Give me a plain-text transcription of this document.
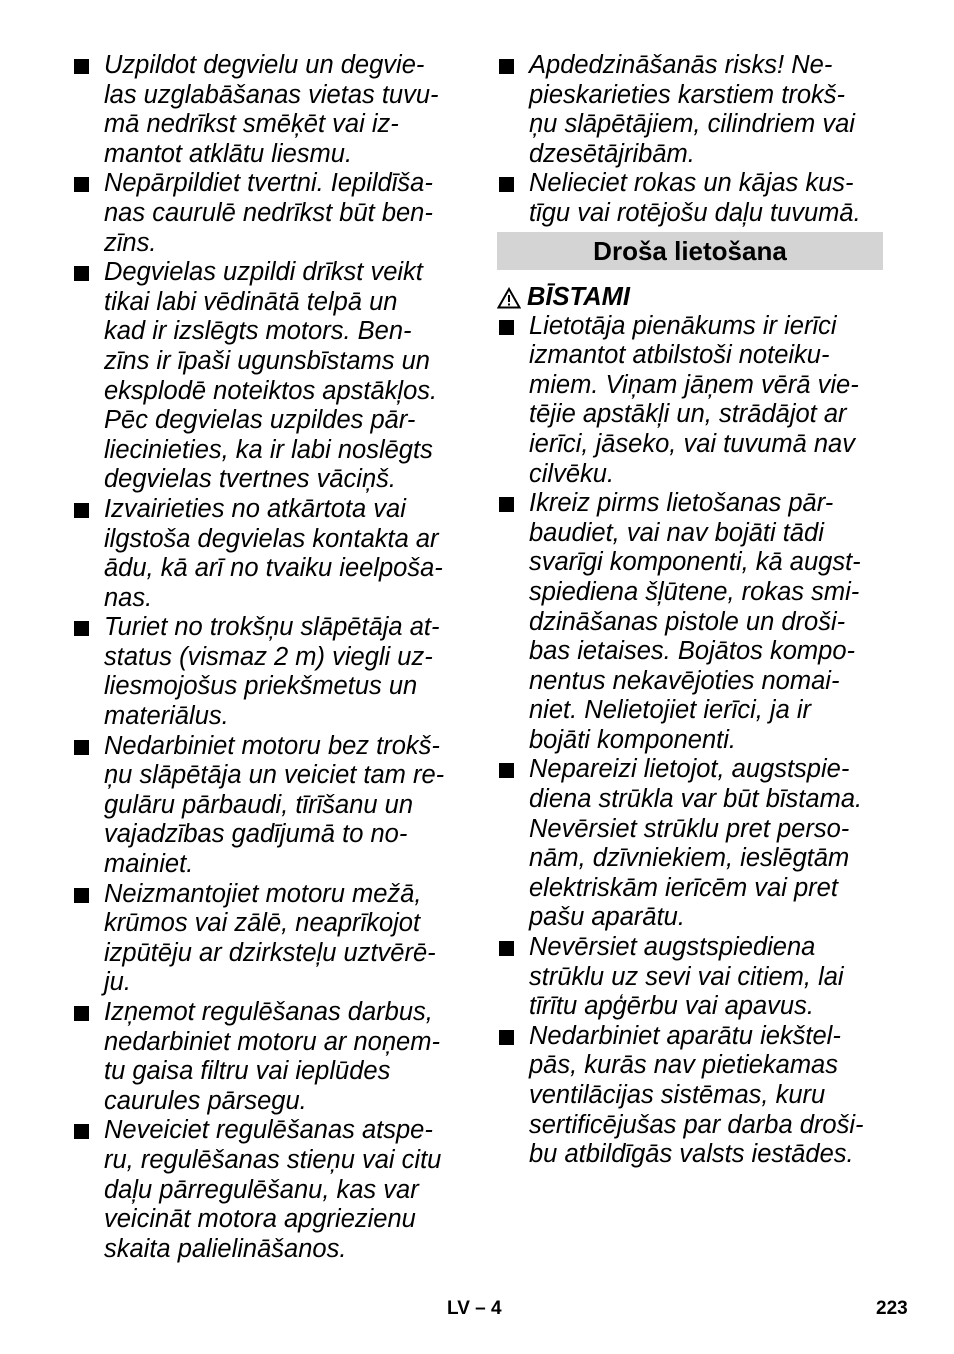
Uzpildot degvielu un degvie-
las uzglabāšanas vietas tuvu-
mā nedrīkst smēķēt vai iz-
mantot atklātu liesmu.
Nepārpildiet tvertni. Iepildīša-
nas caurulē nedrīkst būt ben-
zīns.
Degvielas uzpildi drīkst veikt
tikai labi vēdinātā telpā un
kad ir izslēgts motors. Ben-
zīns ir īpaši ugunsbīstams un
eksplodē noteiktos apstākļos.
Pēc degvielas uzpildes pār-
liecinieties, ka ir labi noslēgts
degvielas tvertnes vāciņš.
Izvairieties no atkārtota vai
ilgstoša degvielas kontakta ar
ādu, kā arī no tvaiku ieelpoša-
nas.
Turiet no trokšņu slāpētāja at-
status (vismaz 2 m) viegli uz-
liesmojošus priekšmetus un
materiālus.
Nedarbiniet motoru bez trokš-
ņu slāpētāja un veiciet tam re-
gulāru pārbaudi, tīrīšanu un
vajadzības gadījumā to no-
mainiet.
Neizmantojiet motoru mežā,
krūmos vai zālē, neaprīkojot
izpūtēju ar dzirksteļu uztvērē-
ju.
Izņemot regulēšanas darbus,
nedarbiniet motoru ar noņem-
tu gaisa filtru vai ieplūdes
caurules pārsegu.
Neveiciet regulēšanas atspe-
ru, regulēšanas stieņu vai citu
daļu pārregulēšanu, kas var
veicināt motora apgriezienu
skaita palielināšanos.
Apdedzināšanās risks! Ne-
pieskarieties karstiem trokš-
ņu slāpētājiem, cilindriem vai
dzesētājribām.
Nelieciet rokas un kājas kus-
tīgu vai rotējošu daļu tuvumā.
Droša lietošana
BĪSTAMI
Lietotāja pienākums ir ierīci
izmantot atbilstoši noteiku-
miem. Viņam jāņem vērā vie-
tējie apstākļi un, strādājot ar
ierīci, jāseko, vai tuvumā nav
cilvēku.
Ikreiz pirms lietošanas pār-
baudiet, vai nav bojāti tādi
svarīgi komponenti, kā augst-
spiediena šļūtene, rokas smi-
dzināšanas pistole un droši-
bas ietaises. Bojātos kompo-
nentus nekavējoties nomai-
niet. Nelietojiet ierīci, ja ir
bojāti komponenti.
Nepareizi lietojot, augstspie-
diena strūkla var būt bīstama.
Nevērsiet strūklu pret perso-
nām, dzīvniekiem, ieslēgtām
elektriskām ierīcēm vai pret
pašu aparātu.
Nevērsiet augstspiediena
strūklu uz sevi vai citiem, lai
tīrītu apģērbu vai apavus.
Nedarbiniet aparātu iekštel-
pās, kurās nav pietiekamas
ventilācijas sistēmas, kuru
sertificējušas par darba droši-
bu atbildīgās valsts iestādes.
LV – 4	223
